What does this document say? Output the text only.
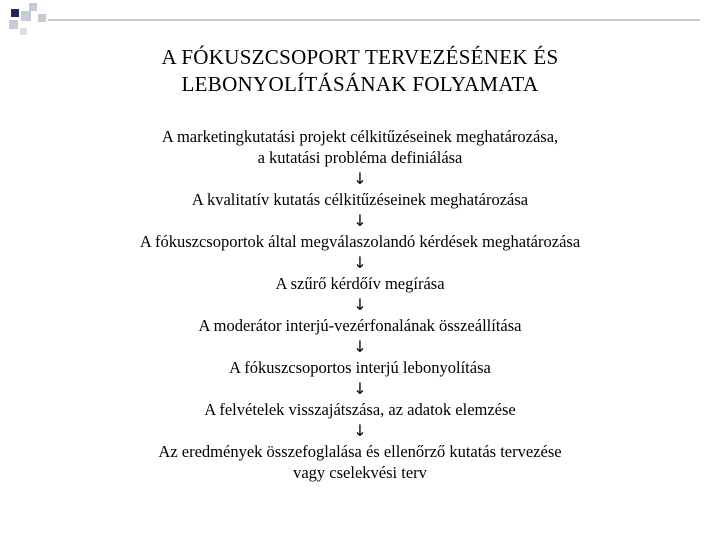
A FÓKUSZCSOPORT TERVEZÉSÉNEK ÉS
LEBONYOLÍTÁSÁNAK FOLYAMATA
A marketingkutatási projekt célkitűzéseinek meghatározása,
a kutatási probléma definiálása
↓
A kvalitatív kutatás célkitűzéseinek meghatározása
↓
A fókuszcsoportok által megválaszolandó kérdések meghatározása
↓
A szűrő kérdőív megírása
↓
A moderátor interjú-vezérfonalának összeállítása
↓
A fókuszcsoportos interjú lebonyolítása
↓
A felvételek visszajátszása, az adatok elemzése
↓
Az eredmények összefoglalása és ellenőrző kutatás tervezése
vagy cselekvési terv
